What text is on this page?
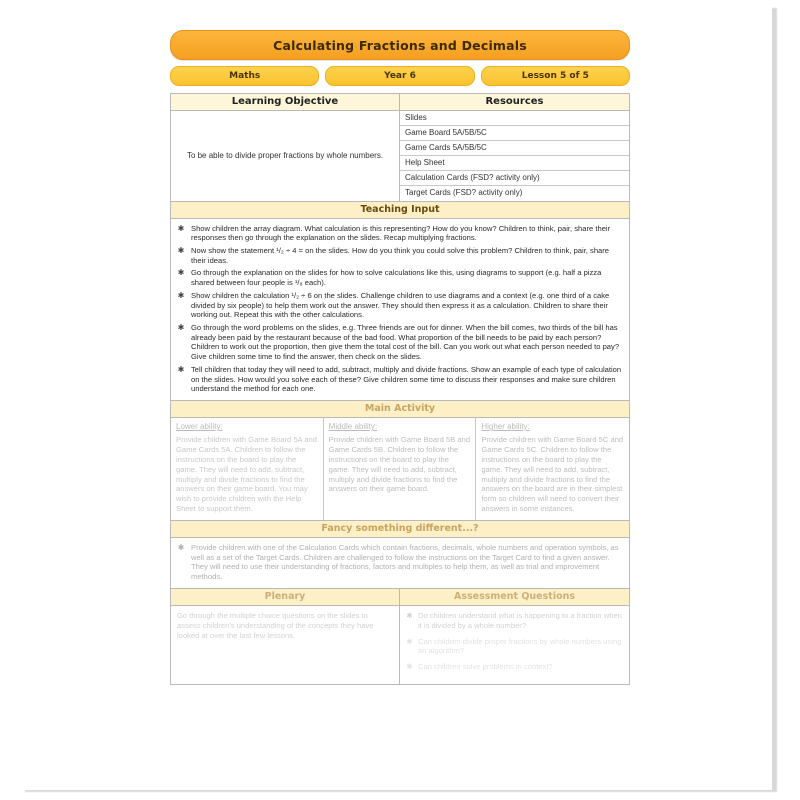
Calculating Fractions and Decimals
Maths	Year 6	Lesson 5 of 5
Learning Objective	Resources
To be able to divide proper fractions by whole numbers.
Slides
Game Board 5A/5B/5C
Game Cards 5A/5B/5C
Help Sheet
Calculation Cards (FSD? activity only)
Target Cards (FSD? activity only)
Teaching Input
✱ Show children the array diagram. What calculation is this representing? How do you know? Children to think, pair, share their responses then go through the explanation on the slides. Recap multiplying fractions.
✱ Now show the statement ¹/₂ ÷ 4 = on the slides. How do you think you could solve this problem? Children to think, pair, share their ideas.
✱ Go through the explanation on the slides for how to solve calculations like this, using diagrams to support (e.g. half a pizza shared between four people is ¹/₈ each).
✱ Show children the calculation ¹/₂ ÷ 6 on the slides. Challenge children to use diagrams and a context (e.g. one third of a cake divided by six people) to help them work out the answer. They should then express it as a calculation. Children to share their working out. Repeat this with the other calculations.
✱ Go through the word problems on the slides, e.g. Three friends are out for dinner. When the bill comes, two thirds of the bill has already been paid by the restaurant because of the bad food. What proportion of the bill needs to be paid by each person? Children to work out the proportion, then give them the total cost of the bill. Can you work out what each person needed to pay? Give children some time to find the answer, then check on the slides.
✱ Tell children that today they will need to add, subtract, multiply and divide fractions. Show an example of each type of calculation on the slides. How would you solve each of these? Give children some time to discuss their responses and make sure children understand the method for each one.
Main Activity
Lower ability:
Provide children with Game Board 5A and Game Cards 5A. Children to follow the instructions on the board to play the game. They will need to add, subtract, multiply and divide fractions to find the answers on their game board. You may wish to provide children with the Help Sheet to support them.
Middle ability:
Provide children with Game Board 5B and Game Cards 5B. Children to follow the instructions on the board to play the game. They will need to add, subtract, multiply and divide fractions to find the answers on their game board.
Higher ability:
Provide children with Game Board 5C and Game Cards 5C. Children to follow the instructions on the board to play the game. They will need to add, subtract, multiply and divide fractions to find the answers on the board are in their simplest form so children will need to convert their answers in some instances.
Fancy something different...?
✱ Provide children with one of the Calculation Cards which contain fractions, decimals, whole numbers and operation symbols, as well as a set of the Target Cards. Children are challenged to follow the instructions on the Target Card to find a given answer. They will need to use their understanding of fractions, factors and multiples to help them, as well as trial and improvement methods.
Plenary
Go through the multiple choice questions on the slides to assess children's understanding of the concepts they have looked at over the last few lessons.
Assessment Questions
✱ Do children understand what is happening to a fraction when it is divided by a whole number?
✱ Can children divide proper fractions by whole numbers using an algorithm?
✱ Can children solve problems in context?
